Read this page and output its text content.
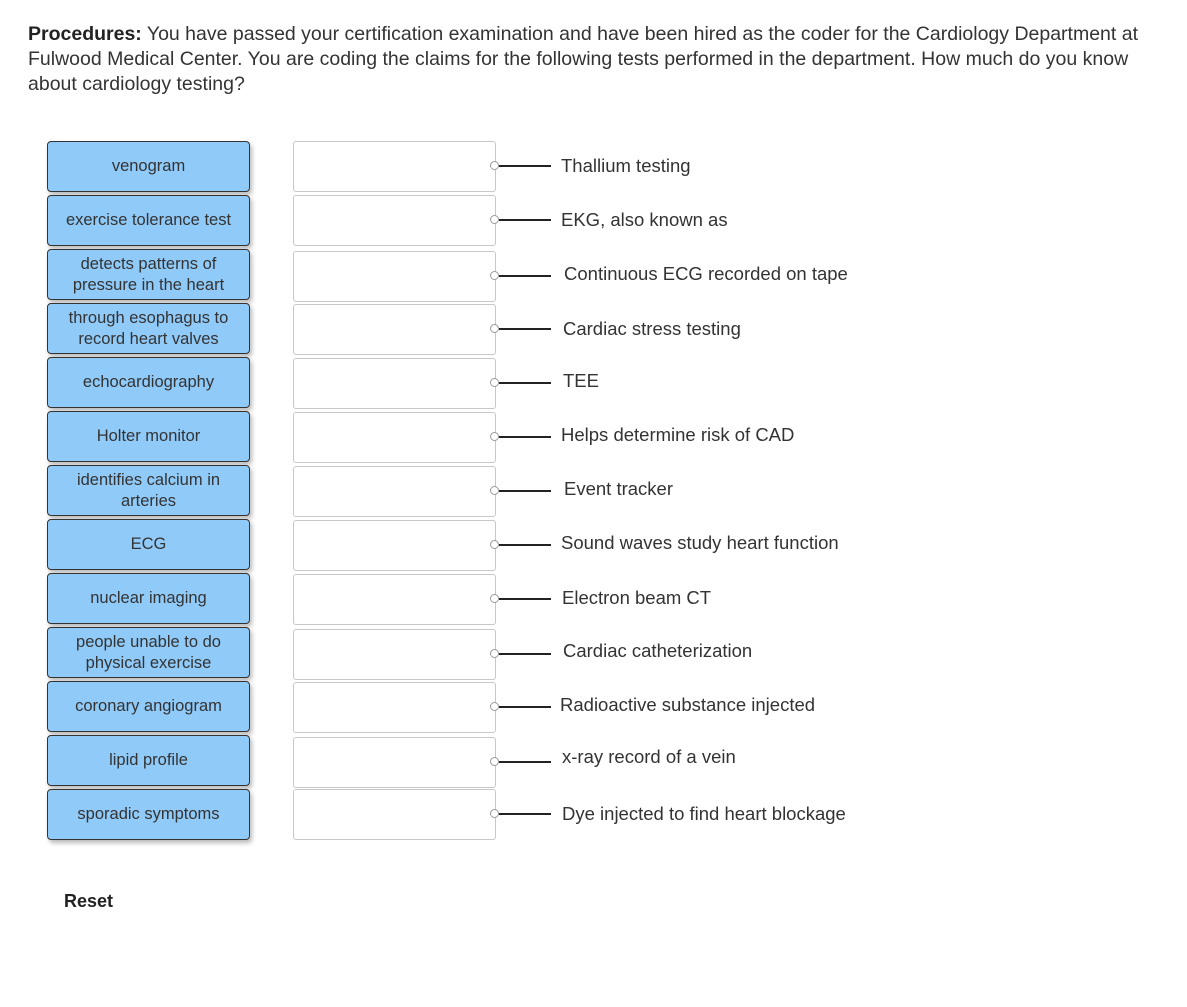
Procedures: You have passed your certification examination and have been hired as the coder for the Cardiology Department at Fulwood Medical Center. You are coding the claims for the following tests performed in the department. How much do you know about cardiology testing?
venogram
exercise tolerance test
detects patterns of pressure in the heart
through esophagus to record heart valves
echocardiography
Holter monitor
identifies calcium in arteries
ECG
nuclear imaging
people unable to do physical exercise
coronary angiogram
lipid profile
sporadic symptoms
Thallium testing
EKG, also known as
Continuous ECG recorded on tape
Cardiac stress testing
TEE
Helps determine risk of CAD
Event tracker
Sound waves study heart function
Electron beam CT
Cardiac catheterization
Radioactive substance injected
x-ray record of a vein
Dye injected to find heart blockage
Reset
